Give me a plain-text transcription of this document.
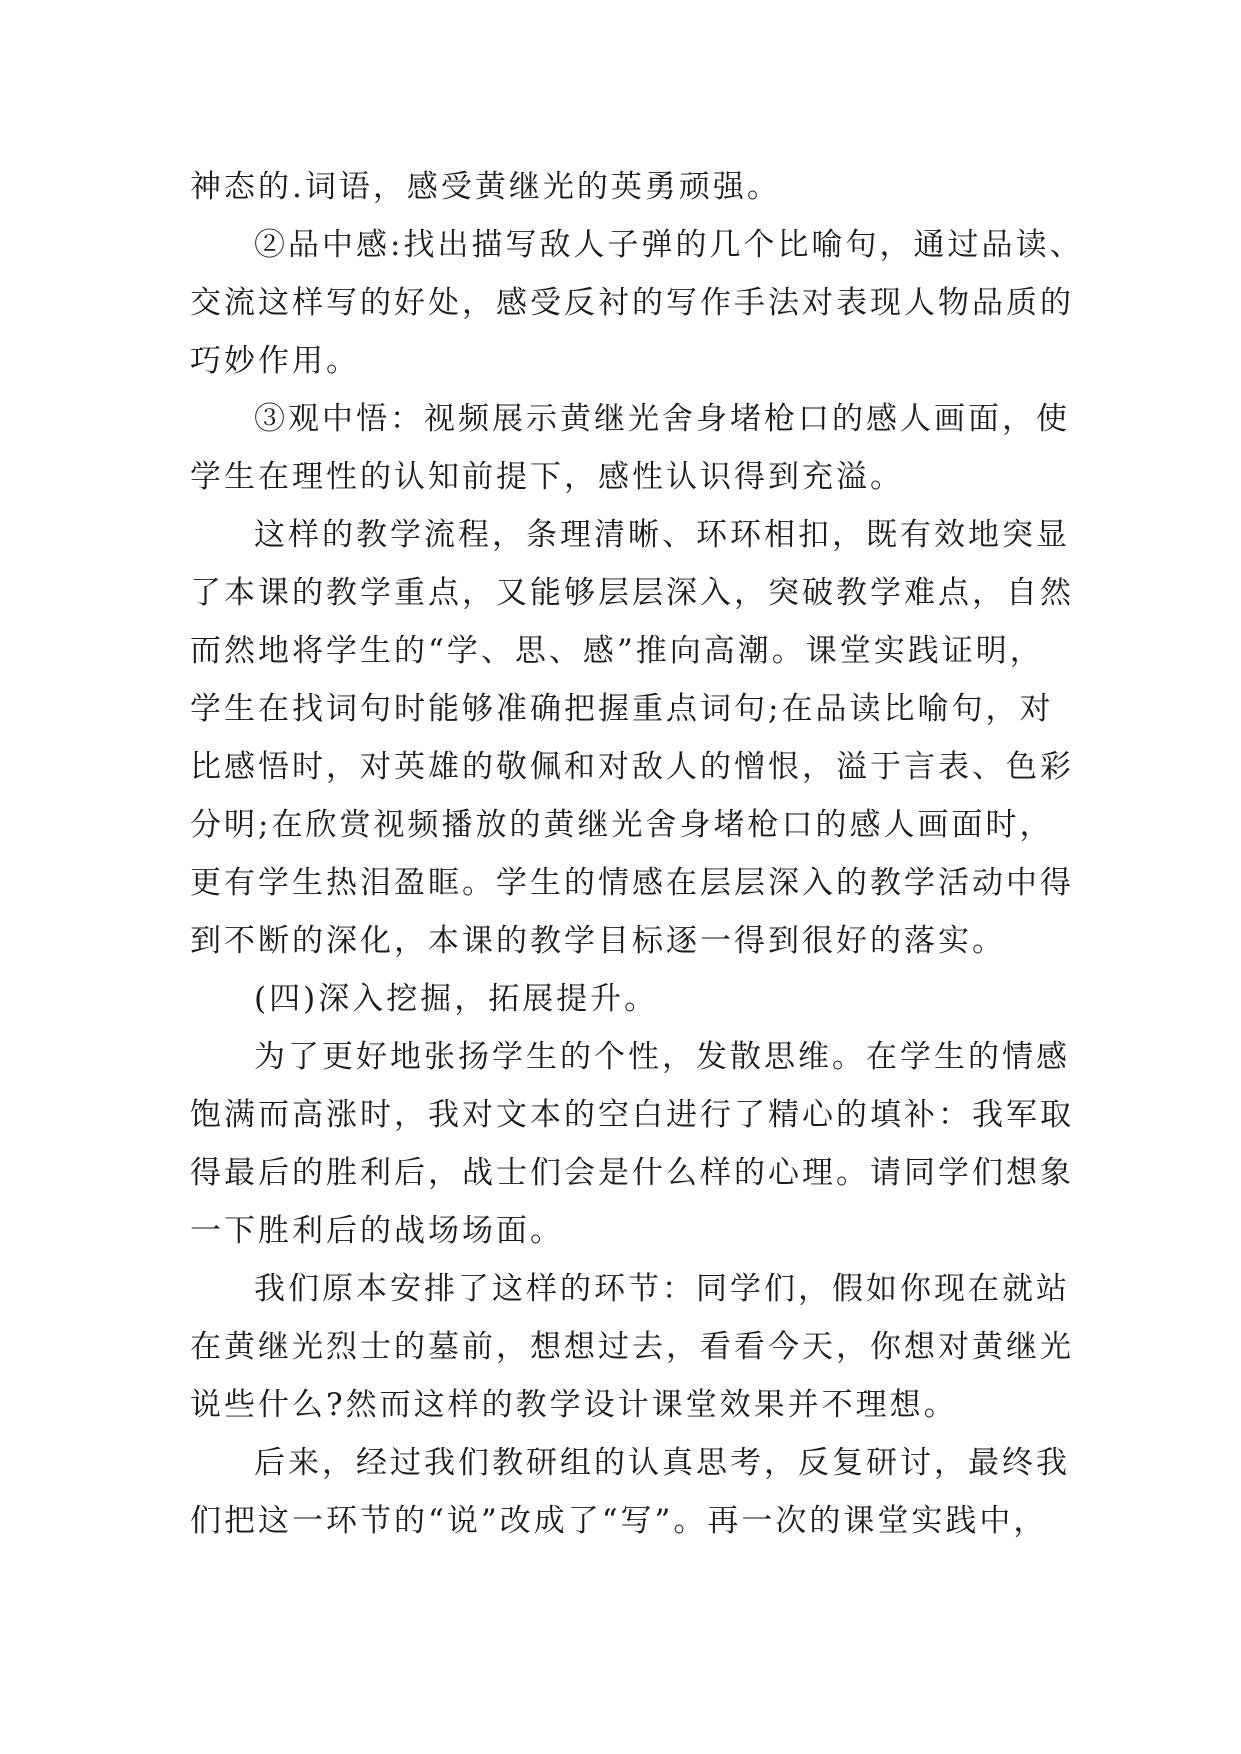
神态的.词语，感受黄继光的英勇顽强。
②品中感:找出描写敌人子弹的几个比喻句，通过品读、
交流这样写的好处，感受反衬的写作手法对表现人物品质的
巧妙作用。
③观中悟：视频展示黄继光舍身堵枪口的感人画面，使
学生在理性的认知前提下，感性认识得到充溢。
这样的教学流程，条理清晰、环环相扣，既有效地突显
了本课的教学重点，又能够层层深入，突破教学难点，自然
而然地将学生的“学、思、感”推向高潮。课堂实践证明，
学生在找词句时能够准确把握重点词句;在品读比喻句，对
比感悟时，对英雄的敬佩和对敌人的憎恨，溢于言表、色彩
分明;在欣赏视频播放的黄继光舍身堵枪口的感人画面时，
更有学生热泪盈眶。学生的情感在层层深入的教学活动中得
到不断的深化，本课的教学目标逐一得到很好的落实。
(四)深入挖掘，拓展提升。
为了更好地张扬学生的个性，发散思维。在学生的情感
饱满而高涨时，我对文本的空白进行了精心的填补：我军取
得最后的胜利后，战士们会是什么样的心理。请同学们想象
一下胜利后的战场场面。
我们原本安排了这样的环节：同学们，假如你现在就站
在黄继光烈士的墓前，想想过去，看看今天，你想对黄继光
说些什么?然而这样的教学设计课堂效果并不理想。
后来，经过我们教研组的认真思考，反复研讨，最终我
们把这一环节的“说”改成了“写”。再一次的课堂实践中，
